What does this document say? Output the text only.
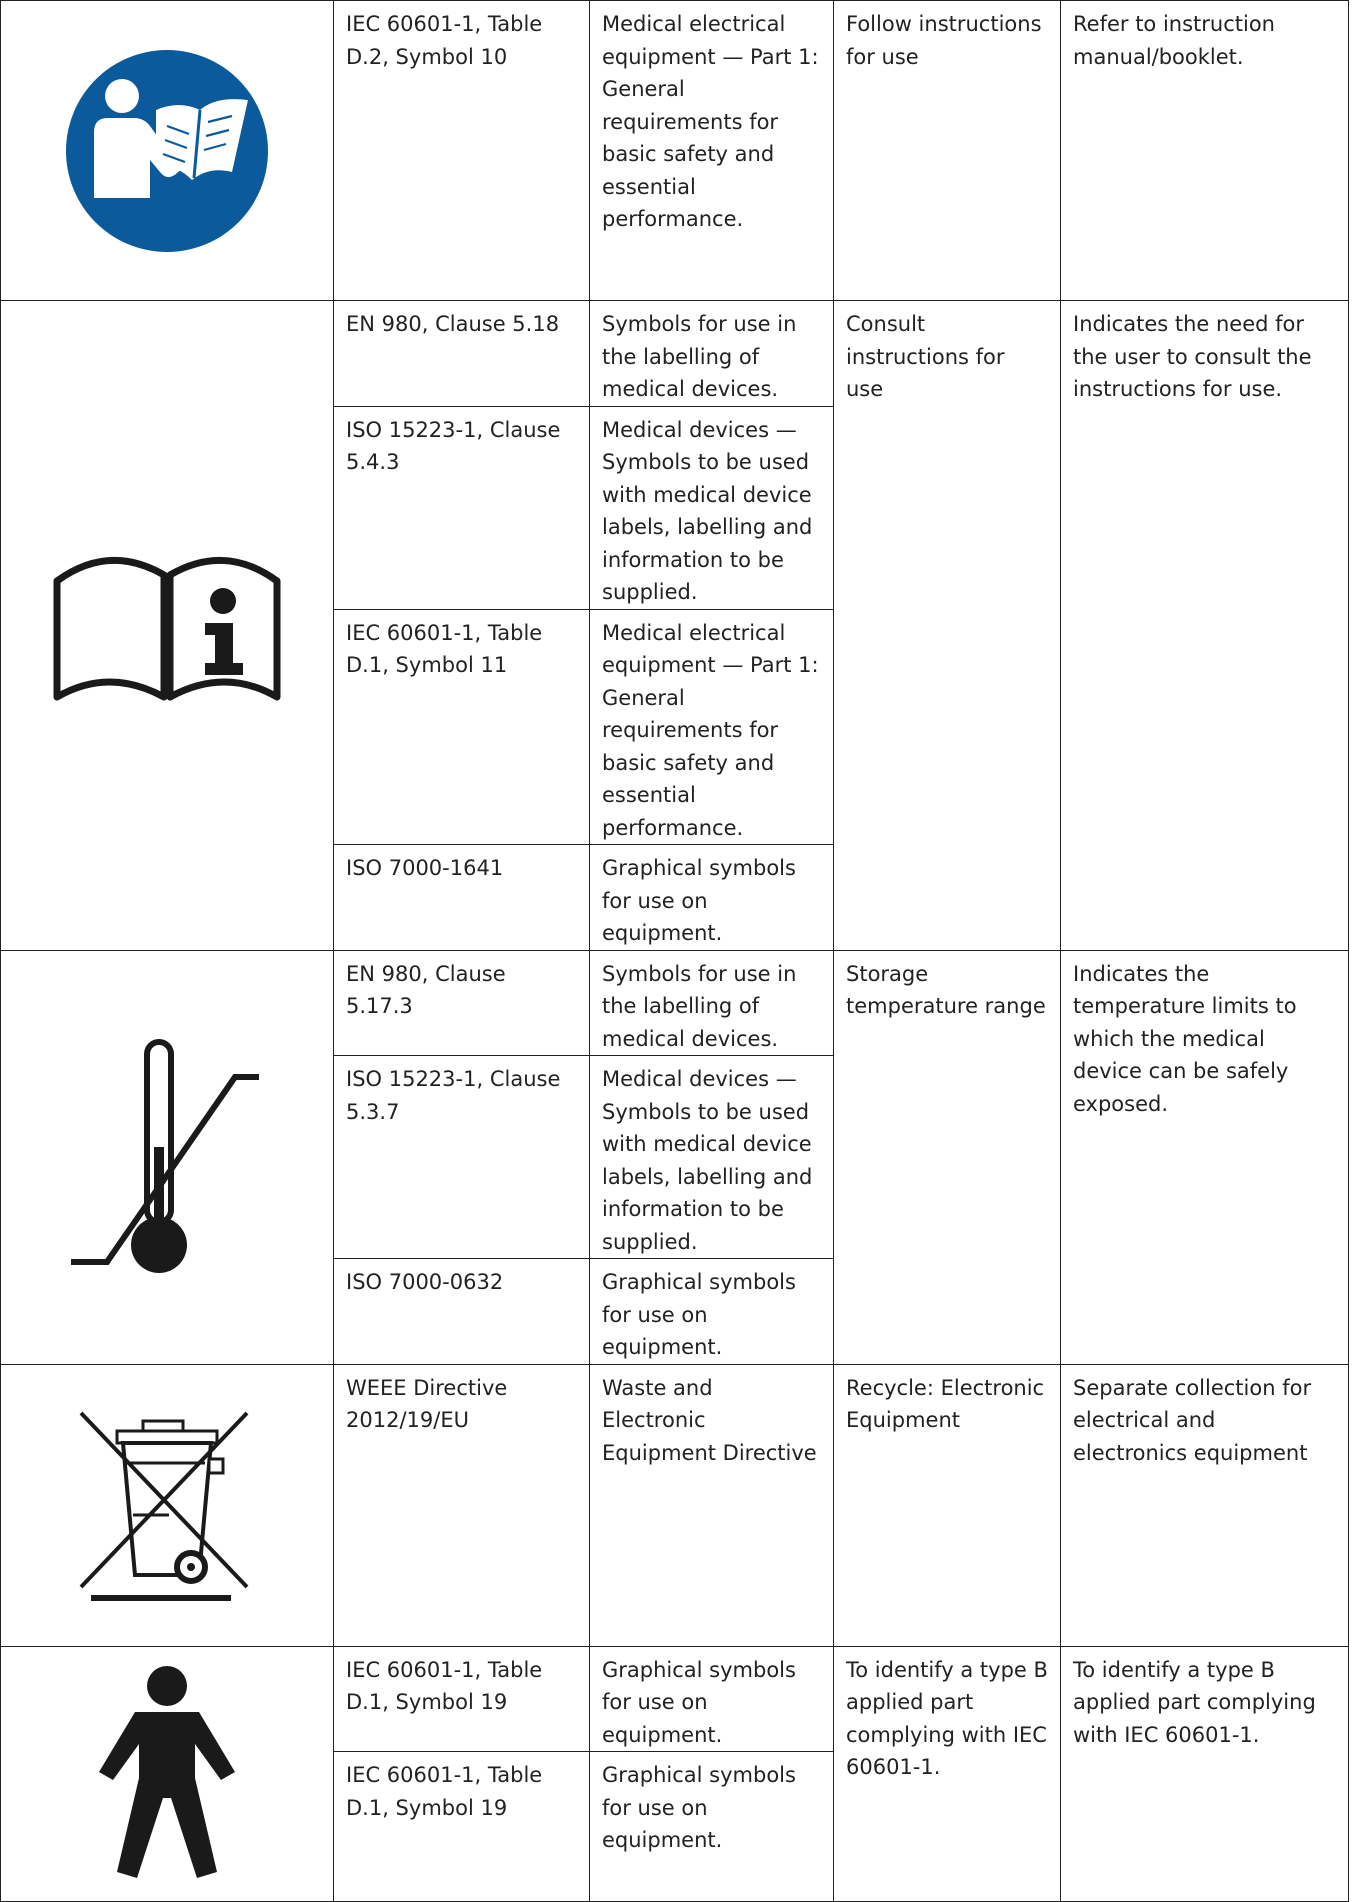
	IEC 60601-1, Table D.2, Symbol 10	Medical electrical equipment — Part 1: General requirements for basic safety and essential performance.	Follow instructions for use	Refer to instruction manual/booklet.

	EN 980, Clause 5.18	Symbols for use in the labelling of medical devices.	Consult instructions for use	Indicates the need for the user to consult the instructions for use.
	ISO 15223-1, Clause 5.4.3	Medical devices — Symbols to be used with medical device labels, labelling and information to be supplied.		
	IEC 60601-1, Table D.1, Symbol 11	Medical electrical equipment — Part 1: General requirements for basic safety and essential performance.		
	ISO 7000-1641	Graphical symbols for use on equipment.		

	EN 980, Clause 5.17.3	Symbols for use in the labelling of medical devices.	Storage temperature range	Indicates the temperature limits to which the medical device can be safely exposed.
	ISO 15223-1, Clause 5.3.7	Medical devices — Symbols to be used with medical device labels, labelling and information to be supplied.		
	ISO 7000-0632	Graphical symbols for use on equipment.		

	WEEE Directive 2012/19/EU	Waste and Electronic Equipment Directive	Recycle: Electronic Equipment	Separate collection for electrical and electronics equipment

	IEC 60601-1, Table D.1, Symbol 19	Graphical symbols for use on equipment.	To identify a type B applied part complying with IEC 60601-1.	To identify a type B applied part complying with IEC 60601-1.
	IEC 60601-1, Table D.1, Symbol 19	Graphical symbols for use on equipment.		
